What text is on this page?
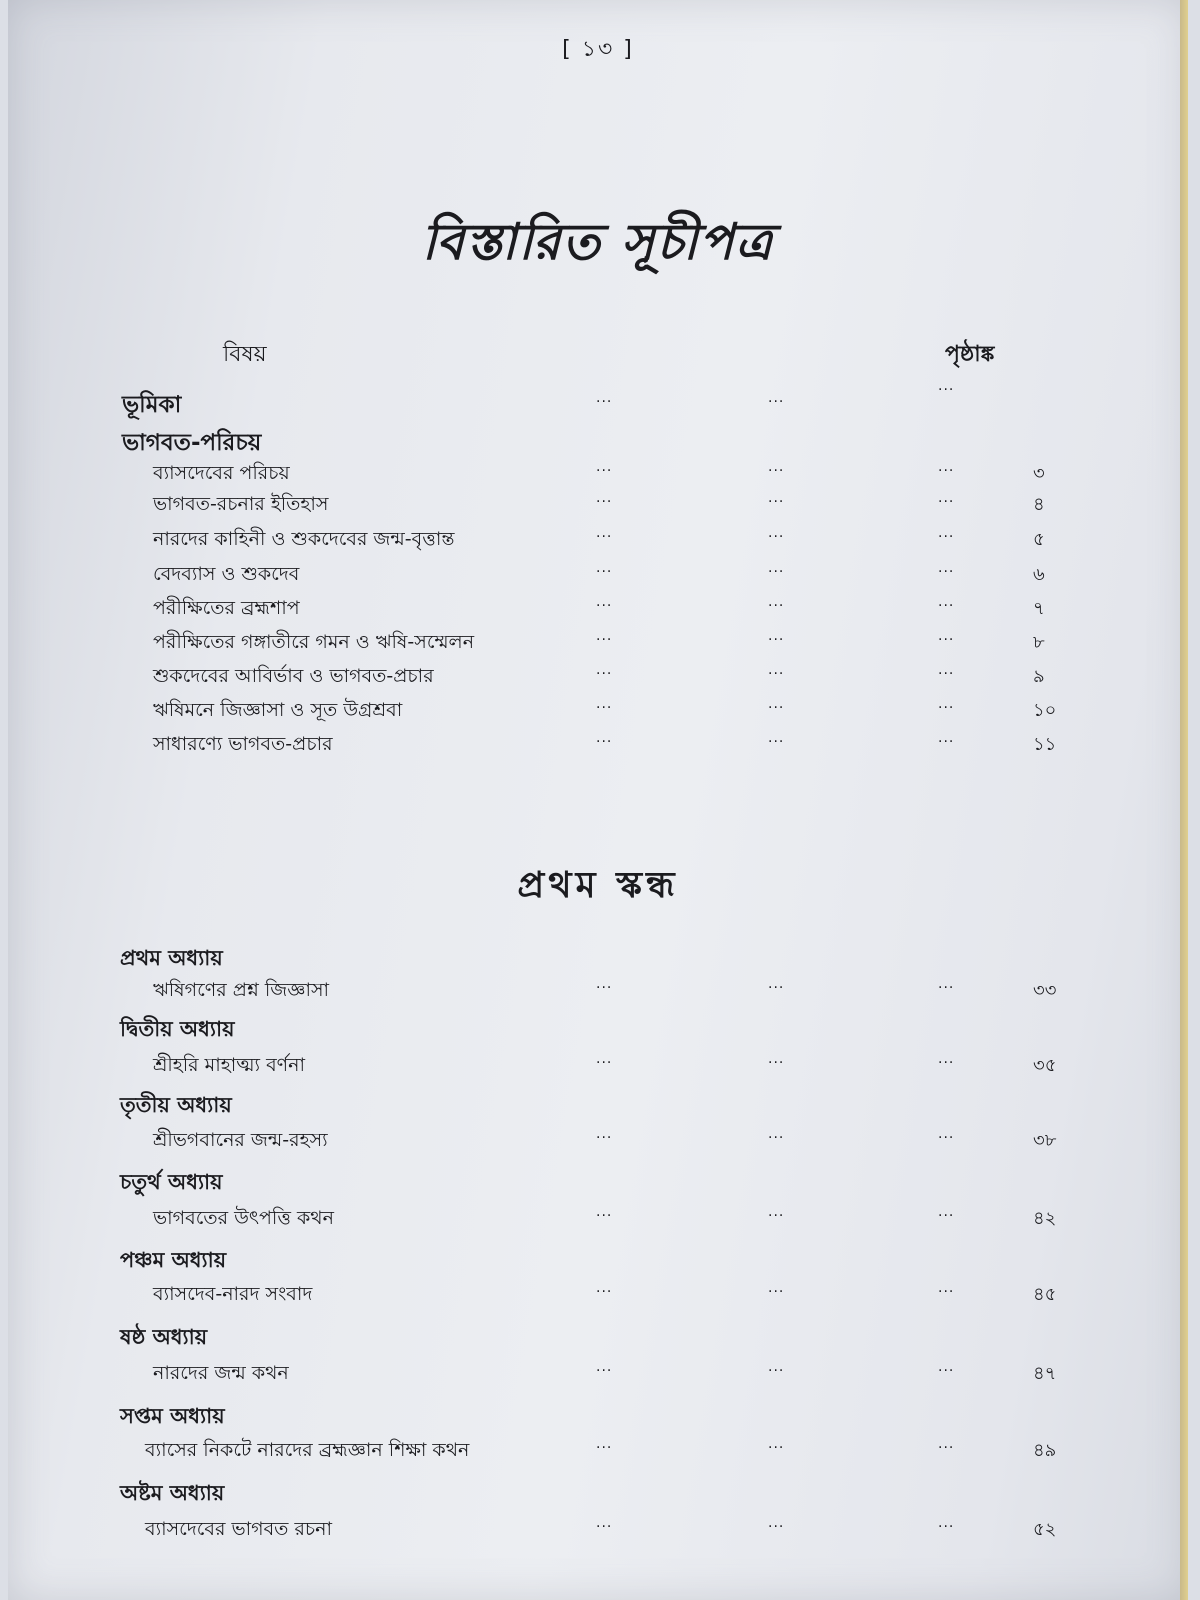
[ ১৩ ]
বিস্তারিত সূচীপত্র
বিষয়	পৃষ্ঠাঙ্ক
ভূমিকা	...	...
...
ভাগবত-পরিচয়
ব্যাসদেবের পরিচয়	...	...	...	৩
ভাগবত-রচনার ইতিহাস	...	...	...	৪
নারদের কাহিনী ও শুকদেবের জন্ম-বৃত্তান্ত	...	...	...	৫
বেদব্যাস ও শুকদেব	...	...	...	৬
পরীক্ষিতের ব্রহ্মশাপ	...	...	...	৭
পরীক্ষিতের গঙ্গাতীরে গমন ও ঋষি-সম্মেলন	...	...	...	৮
শুকদেবের আবির্ভাব ও ভাগবত-প্রচার	...	...	...	৯
ঋষিমনে জিজ্ঞাসা ও সূত উগ্রশ্রবা	...	...	...	১০
সাধারণ্যে ভাগবত-প্রচার	...	...	...	১১
প্রথম স্কন্ধ
প্রথম অধ্যায়
ঋষিগণের প্রশ্ন জিজ্ঞাসা	...	...	...	৩৩
দ্বিতীয় অধ্যায়
শ্রীহরি মাহাত্ম্য বর্ণনা	...	...	...	৩৫
তৃতীয় অধ্যায়
শ্রীভগবানের জন্ম-রহস্য	...	...	...	৩৮
চতুর্থ অধ্যায়
ভাগবতের উৎপত্তি কথন	...	...	...	৪২
পঞ্চম অধ্যায়
ব্যাসদেব-নারদ সংবাদ	...	...	...	৪৫
ষষ্ঠ অধ্যায়
নারদের জন্ম কথন	...	...	...	৪৭
সপ্তম অধ্যায়
ব্যাসের নিকটে নারদের ব্রহ্মজ্ঞান শিক্ষা কথন	...	...	...	৪৯
অষ্টম অধ্যায়
ব্যাসদেবের ভাগবত রচনা	...	...	...	৫২
